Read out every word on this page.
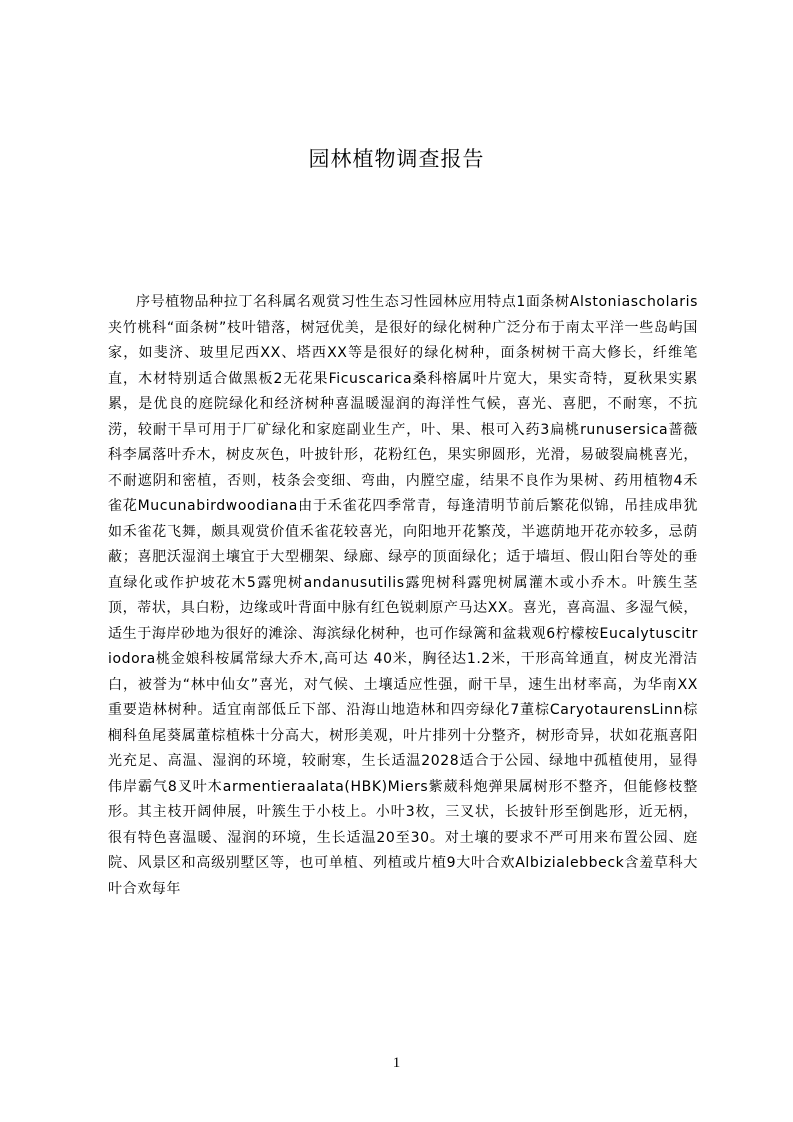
园林植物调查报告

序号植物品种拉丁名科属名观赏习性生态习性园林应用特点1面条树Alstoniascholaris夹竹桃科“面条树”枝叶错落，树冠优美，是很好的绿化树种广泛分布于南太平洋一些岛屿国家，如斐济、玻里尼西XX、塔西XX等是很好的绿化树种，面条树树干高大修长，纤维笔直，木材特别适合做黑板2无花果Ficuscarica桑科榕属叶片宽大，果实奇特，夏秋果实累累，是优良的庭院绿化和经济树种喜温暖湿润的海洋性气候，喜光、喜肥，不耐寒，不抗涝，较耐干旱可用于厂矿绿化和家庭副业生产，叶、果、根可入药3扁桃runusersica蔷薇科李属落叶乔木，树皮灰色，叶披针形，花粉红色，果实卵圆形，光滑，易破裂扁桃喜光，不耐遮阴和密植，否则，枝条会变细、弯曲，内膛空虚，结果不良作为果树、药用植物4禾雀花Mucunabirdwoodiana由于禾雀花四季常青，每逢清明节前后繁花似锦，吊挂成串犹如禾雀花飞舞，颇具观赏价值禾雀花较喜光，向阳地开花繁茂，半遮荫地开花亦较多，忌荫蔽；喜肥沃湿润土壤宜于大型棚架、绿廊、绿亭的顶面绿化；适于墙垣、假山阳台等处的垂直绿化或作护坡花木5露兜树andanusutilis露兜树科露兜树属灌木或小乔木。叶簇生茎顶，蒂状，具白粉，边缘或叶背面中脉有红色锐刺原产马达XX。喜光，喜高温、多湿气候，适生于海岸砂地为很好的滩涂、海滨绿化树种，也可作绿篱和盆栽观6柠檬桉Eucalytuscitriodora桃金娘科桉属常绿大乔木,高可达 40米，胸径达1.2米，干形高耸通直，树皮光滑洁白，被誉为“林中仙女”喜光，对气候、土壤适应性强，耐干旱，速生出材率高，为华南XX重要造林树种。适宜南部低丘下部、沿海山地造林和四旁绿化7董棕CaryotaurensLinn棕榈科鱼尾葵属董棕植株十分高大，树形美观，叶片排列十分整齐，树形奇异，状如花瓶喜阳光充足、高温、湿润的环境，较耐寒，生长适温2028适合于公园、绿地中孤植使用，显得伟岸霸气8叉叶木armentieraalata(HBK)Miers紫葳科炮弹果属树形不整齐，但能修枝整形。其主枝开阔伸展，叶簇生于小枝上。小叶3枚，三叉状，长披针形至倒匙形，近无柄，很有特色喜温暖、湿润的环境，生长适温20至30。对土壤的要求不严可用来布置公园、庭院、风景区和高级别墅区等，也可单植、列植或片植9大叶合欢Albizialebbeck含羞草科大叶合欢每年

1
